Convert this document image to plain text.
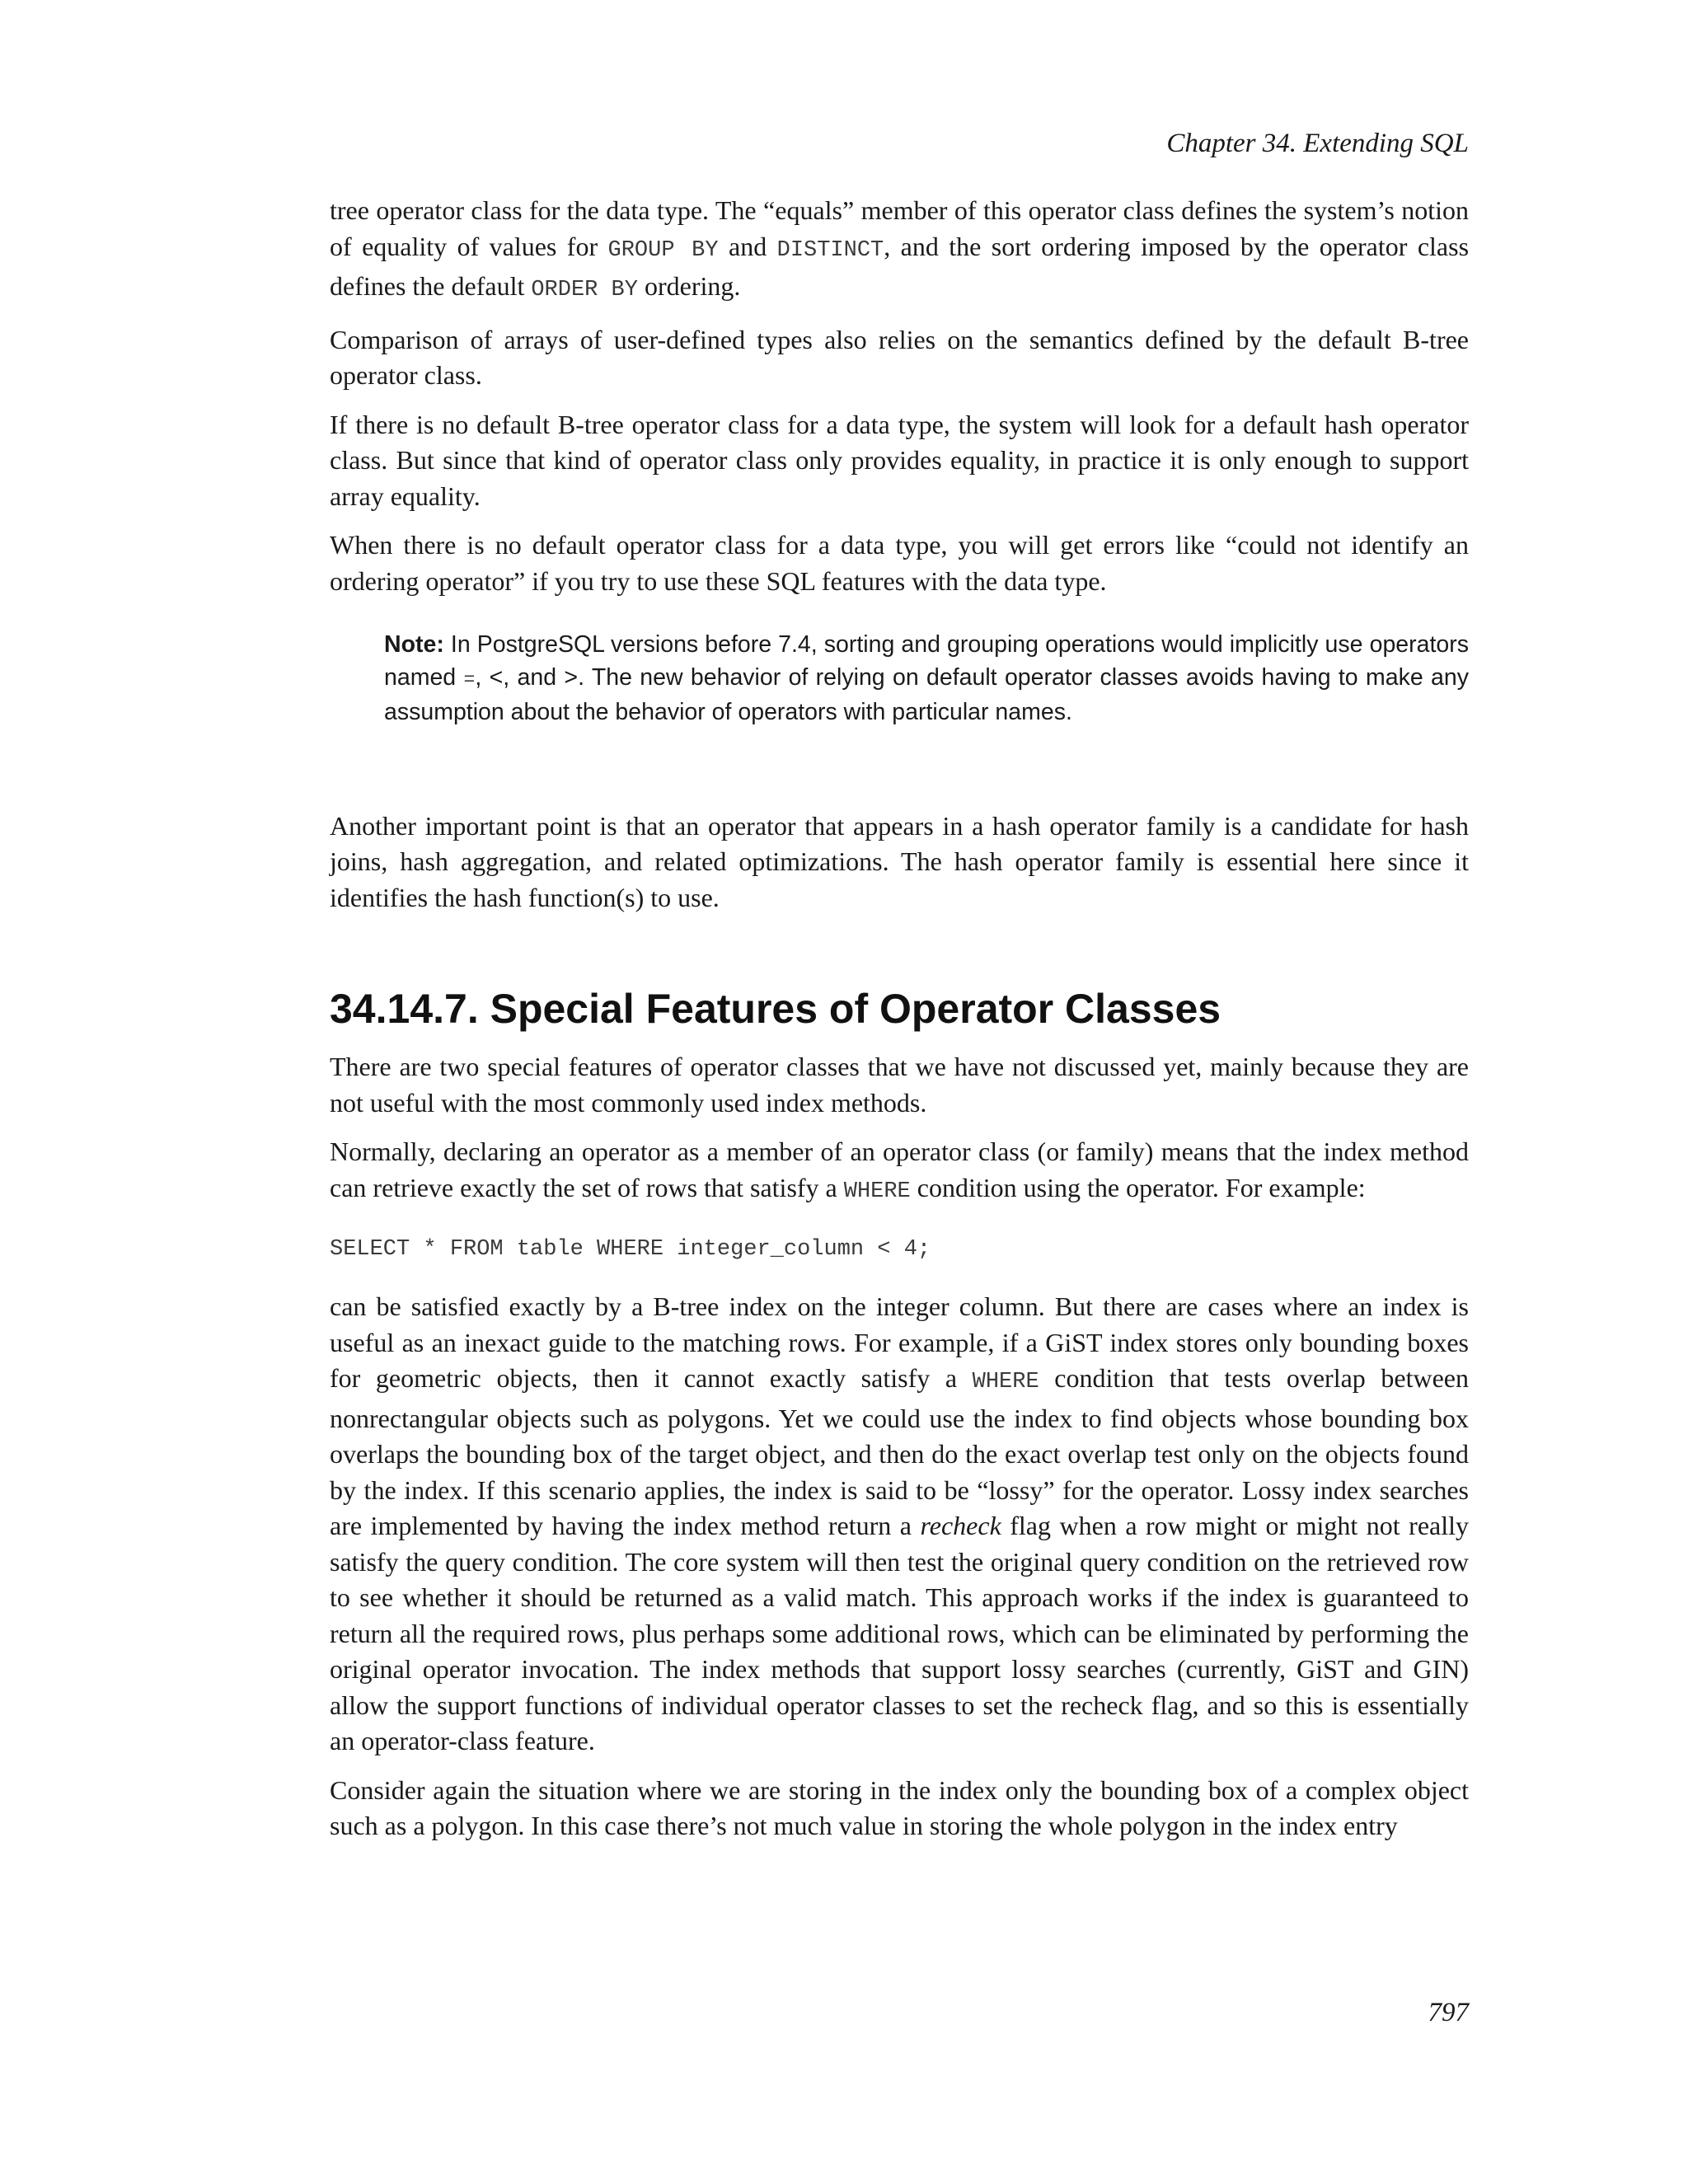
Chapter 34. Extending SQL

tree operator class for the data type. The “equals” member of this operator class defines the system’s notion of equality of values for GROUP BY and DISTINCT, and the sort ordering imposed by the operator class defines the default ORDER BY ordering.

Comparison of arrays of user-defined types also relies on the semantics defined by the default B-tree operator class.

If there is no default B-tree operator class for a data type, the system will look for a default hash operator class. But since that kind of operator class only provides equality, in practice it is only enough to support array equality.

When there is no default operator class for a data type, you will get errors like “could not identify an ordering operator” if you try to use these SQL features with the data type.

Note: In PostgreSQL versions before 7.4, sorting and grouping operations would implicitly use operators named =, <, and >. The new behavior of relying on default operator classes avoids having to make any assumption about the behavior of operators with particular names.

Another important point is that an operator that appears in a hash operator family is a candidate for hash joins, hash aggregation, and related optimizations. The hash operator family is essential here since it identifies the hash function(s) to use.

34.14.7. Special Features of Operator Classes

There are two special features of operator classes that we have not discussed yet, mainly because they are not useful with the most commonly used index methods.

Normally, declaring an operator as a member of an operator class (or family) means that the index method can retrieve exactly the set of rows that satisfy a WHERE condition using the operator. For example:

SELECT * FROM table WHERE integer_column < 4;

can be satisfied exactly by a B-tree index on the integer column. But there are cases where an index is useful as an inexact guide to the matching rows. For example, if a GiST index stores only bounding boxes for geometric objects, then it cannot exactly satisfy a WHERE condition that tests overlap between nonrectangular objects such as polygons. Yet we could use the index to find objects whose bounding box overlaps the bounding box of the target object, and then do the exact overlap test only on the objects found by the index. If this scenario applies, the index is said to be “lossy” for the operator. Lossy index searches are implemented by having the index method return a recheck flag when a row might or might not really satisfy the query condition. The core system will then test the original query condition on the retrieved row to see whether it should be returned as a valid match. This approach works if the index is guaranteed to return all the required rows, plus perhaps some additional rows, which can be eliminated by performing the original operator invocation. The index methods that support lossy searches (currently, GiST and GIN) allow the support functions of individual operator classes to set the recheck flag, and so this is essentially an operator-class feature.

Consider again the situation where we are storing in the index only the bounding box of a complex object such as a polygon. In this case there’s not much value in storing the whole polygon in the index entry

797
